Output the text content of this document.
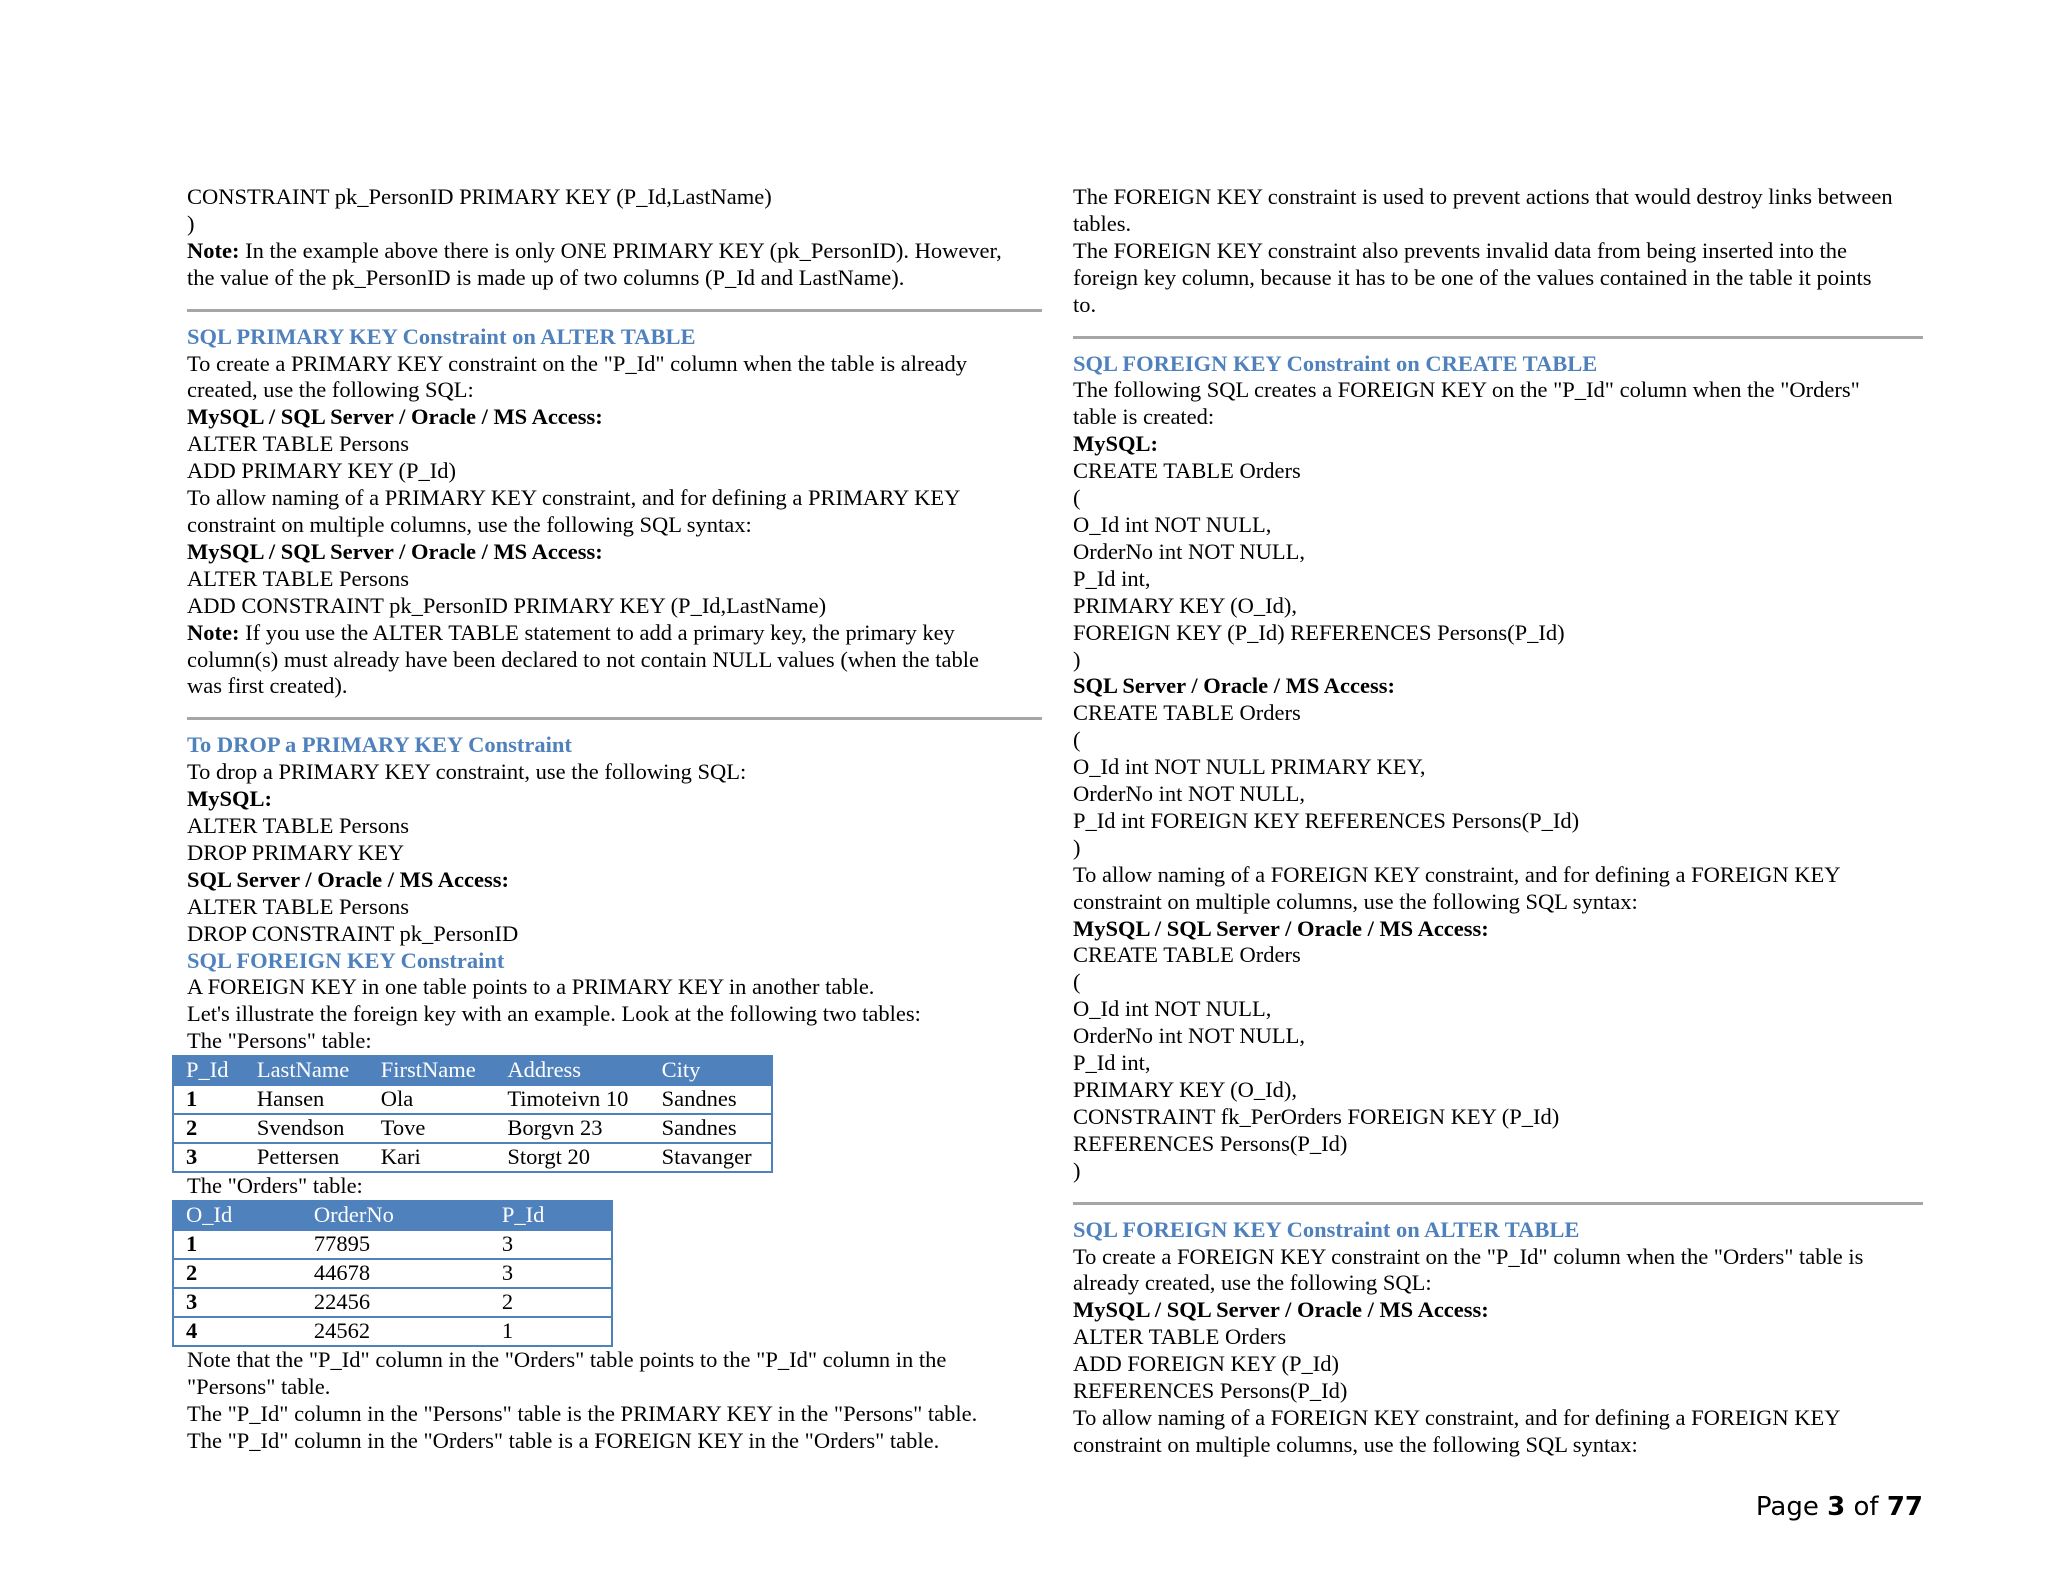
CONSTRAINT pk_PersonID PRIMARY KEY (P_Id,LastName)
)
Note: In the example above there is only ONE PRIMARY KEY (pk_PersonID). However,
the value of the pk_PersonID is made up of two columns (P_Id and LastName).
SQL PRIMARY KEY Constraint on ALTER TABLE
To create a PRIMARY KEY constraint on the "P_Id" column when the table is already
created, use the following SQL:
MySQL / SQL Server / Oracle / MS Access:
ALTER TABLE Persons
ADD PRIMARY KEY (P_Id)
To allow naming of a PRIMARY KEY constraint, and for defining a PRIMARY KEY
constraint on multiple columns, use the following SQL syntax:
MySQL / SQL Server / Oracle / MS Access:
ALTER TABLE Persons
ADD CONSTRAINT pk_PersonID PRIMARY KEY (P_Id,LastName)
Note: If you use the ALTER TABLE statement to add a primary key, the primary key
column(s) must already have been declared to not contain NULL values (when the table
was first created).
To DROP a PRIMARY KEY Constraint
To drop a PRIMARY KEY constraint, use the following SQL:
MySQL:
ALTER TABLE Persons
DROP PRIMARY KEY
SQL Server / Oracle / MS Access:
ALTER TABLE Persons
DROP CONSTRAINT pk_PersonID
SQL FOREIGN KEY Constraint
A FOREIGN KEY in one table points to a PRIMARY KEY in another table.
Let's illustrate the foreign key with an example. Look at the following two tables:
The "Persons" table:
P_Id	LastName	FirstName	Address	City
1	Hansen	Ola	Timoteivn 10	Sandnes
2	Svendson	Tove	Borgvn 23	Sandnes
3	Pettersen	Kari	Storgt 20	Stavanger
The "Orders" table:
O_Id	OrderNo	P_Id
1	77895	3
2	44678	3
3	22456	2
4	24562	1
Note that the "P_Id" column in the "Orders" table points to the "P_Id" column in the
"Persons" table.
The "P_Id" column in the "Persons" table is the PRIMARY KEY in the "Persons" table.
The "P_Id" column in the "Orders" table is a FOREIGN KEY in the "Orders" table.
The FOREIGN KEY constraint is used to prevent actions that would destroy links between
tables.
The FOREIGN KEY constraint also prevents invalid data from being inserted into the
foreign key column, because it has to be one of the values contained in the table it points
to.
SQL FOREIGN KEY Constraint on CREATE TABLE
The following SQL creates a FOREIGN KEY on the "P_Id" column when the "Orders"
table is created:
MySQL:
CREATE TABLE Orders
(
O_Id int NOT NULL,
OrderNo int NOT NULL,
P_Id int,
PRIMARY KEY (O_Id),
FOREIGN KEY (P_Id) REFERENCES Persons(P_Id)
)
SQL Server / Oracle / MS Access:
CREATE TABLE Orders
(
O_Id int NOT NULL PRIMARY KEY,
OrderNo int NOT NULL,
P_Id int FOREIGN KEY REFERENCES Persons(P_Id)
)
To allow naming of a FOREIGN KEY constraint, and for defining a FOREIGN KEY
constraint on multiple columns, use the following SQL syntax:
MySQL / SQL Server / Oracle / MS Access:
CREATE TABLE Orders
(
O_Id int NOT NULL,
OrderNo int NOT NULL,
P_Id int,
PRIMARY KEY (O_Id),
CONSTRAINT fk_PerOrders FOREIGN KEY (P_Id)
REFERENCES Persons(P_Id)
)
SQL FOREIGN KEY Constraint on ALTER TABLE
To create a FOREIGN KEY constraint on the "P_Id" column when the "Orders" table is
already created, use the following SQL:
MySQL / SQL Server / Oracle / MS Access:
ALTER TABLE Orders
ADD FOREIGN KEY (P_Id)
REFERENCES Persons(P_Id)
To allow naming of a FOREIGN KEY constraint, and for defining a FOREIGN KEY
constraint on multiple columns, use the following SQL syntax:
Page 3 of 77
